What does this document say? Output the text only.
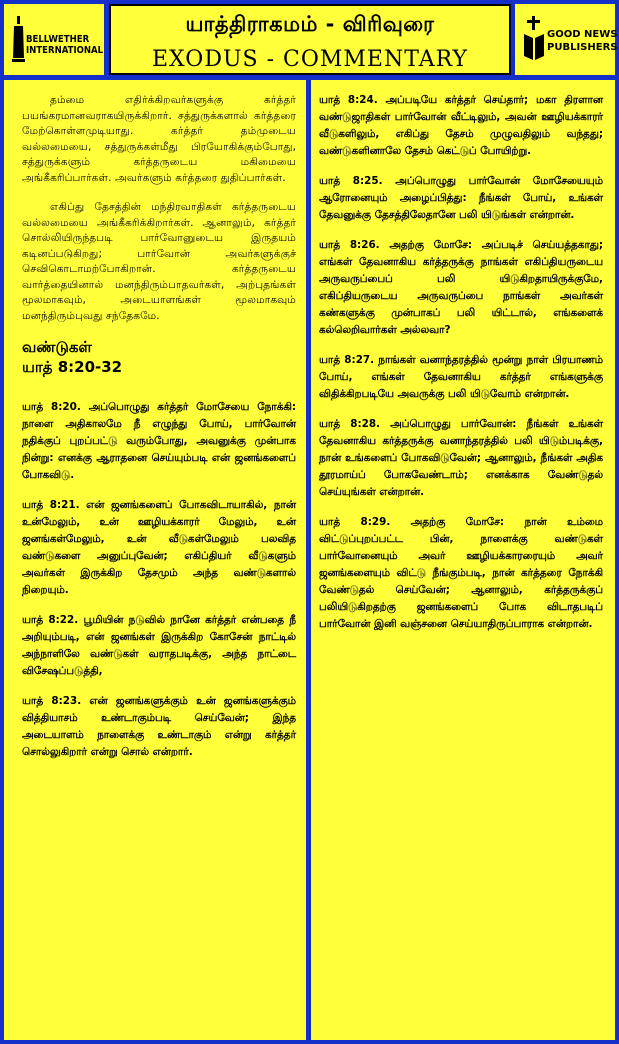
BELLWETHER
INTERNATIONAL
யாத்திராகமம் - விரிவுரை
EXODUS - COMMENTARY
GOOD NEWS
PUBLISHERS

தம்மை எதிர்க்கிறவர்களுக்கு கர்த்தர் பயங்கரமானவராகயிருக்கிறார். சத்துருக்களால் கர்த்தரை மேற்கொள்ளமுடியாது. கர்த்தர் தம்முடைய வல்லமையை, சத்துருக்கள்மீது பிரயோகிக்கும்போது, சத்துருக்களும் கர்த்தருடைய மகிமையை அங்கீகரிப்பார்கள். அவர்களும் கர்த்தரை துதிப்பார்கள்.

எகிப்து தேசத்தின் மந்திரவாதிகள் கர்த்தருடைய வல்லமையை அங்கீகரிக்கிறார்கள். ஆனாலும், கர்த்தர் சொல்லியிருந்தபடி பார்வோனுடைய இருதயம் கடினப்படுகிறது; பார்வோன் அவர்களுக்குச் செவிகொடாமற்போகிறான். கர்த்தருடைய வார்த்தையினால் மனந்திரும்பாதவர்கள், அற்புதங்கள் மூலமாகவும், அடையாளங்கள் மூலமாகவும் மனந்திரும்புவது சந்தேகமே.

வண்டுகள்
யாத் 8:20-32

யாத் 8:20. அப்பொழுது கர்த்தர் மோசேயை நோக்கி: நாளை அதிகாலமே நீ எழுந்து போய், பார்வோன் நதிக்குப் புறப்பட்டு வரும்போது, அவனுக்கு முன்பாக நின்று: எனக்கு ஆராதனை செய்யும்படி என் ஜனங்களைப் போகவிடு.

யாத் 8:21. என் ஜனங்களைப் போகவிடாயாகில், நான் உன்மேலும், உன் ஊழியக்காரர் மேலும், உன் ஜனங்கள்மேலும், உன் வீடுகள்மேலும் பலவித வண்டுகளை அனுப்புவேன்; எகிப்தியர் வீடுகளும் அவர்கள் இருக்கிற தேசமும் அந்த வண்டுகளால் நிறையும்.

யாத் 8:22. பூமியின் நடுவில் நானே கர்த்தர் என்பதை நீ அறியும்படி, என் ஜனங்கள் இருக்கிற கோசேன் நாட்டில் அந்நாளிலே வண்டுகள் வராதபடிக்கு, அந்த நாட்டை விசேஷப்படுத்தி,

யாத் 8:23. என் ஜனங்களுக்கும் உன் ஜனங்களுக்கும் வித்தியாசம் உண்டாகும்படி செய்வேன்; இந்த அடையாளம் நாளைக்கு உண்டாகும் என்று கர்த்தர் சொல்லுகிறார் என்று சொல் என்றார்.

யாத் 8:24. அப்படியே கர்த்தர் செய்தார்; மகா திரளான வண்டுஜாதிகள் பார்வோன் வீட்டிலும், அவன் ஊழியக்காரர் வீடுகளிலும், எகிப்து தேசம் முழுவதிலும் வந்தது; வண்டுகளினாலே தேசம் கெட்டுப் போயிற்று.

யாத் 8:25. அப்பொழுது பார்வோன் மோசேயையும் ஆரோனையும் அழைப்பித்து: நீங்கள் போய், உங்கள் தேவனுக்கு தேசத்திலேதானே பலி யிடுங்கள் என்றான்.

யாத் 8:26. அதற்கு மோசே: அப்படிச் செய்யத்தகாது; எங்கள் தேவனாகிய கர்த்தருக்கு நாங்கள் எகிப்தியருடைய அருவருப்பைப் பலி யிடுகிறதாயிருக்குமே, எகிப்தியருடைய அருவருப்பை நாங்கள் அவர்கள் கண்களுக்கு முன்பாகப் பலி யிட்டால், எங்களைக் கல்லெறிவார்கள் அல்லவா?

யாத் 8:27. நாங்கள் வனாந்தரத்தில் மூன்று நாள் பிரயாணம் போய், எங்கள் தேவனாகிய கர்த்தர் எங்களுக்கு விதிக்கிறபடியே அவருக்கு பலி யிடுவோம் என்றான்.

யாத் 8:28. அப்பொழுது பார்வோன்: நீங்கள் உங்கள் தேவனாகிய கர்த்தருக்கு வனாந்தரத்தில் பலி யிடும்படிக்கு, நான் உங்களைப் போகவிடுவேன்; ஆனாலும், நீங்கள் அதிக தூரமாய்ப் போகவேண்டாம்; எனக்காக வேண்டுதல் செய்யுங்கள் என்றான்.

யாத் 8:29. அதற்கு மோசே: நான் உம்மை விட்டுப்புறப்பட்ட பின், நாளைக்கு வண்டுகள் பார்வோனையும் அவர் ஊழியக்காரரையும் அவர் ஜனங்களையும் விட்டு நீங்கும்படி, நான் கர்த்தரை நோக்கி வேண்டுதல் செய்வேன்; ஆனாலும், கர்த்தருக்குப் பலியிடுகிறதற்கு ஜனங்களைப் போக விடாதபடிப் பார்வோன் இனி வஞ்சனை செய்யாதிருப்பாராக என்றான்.
